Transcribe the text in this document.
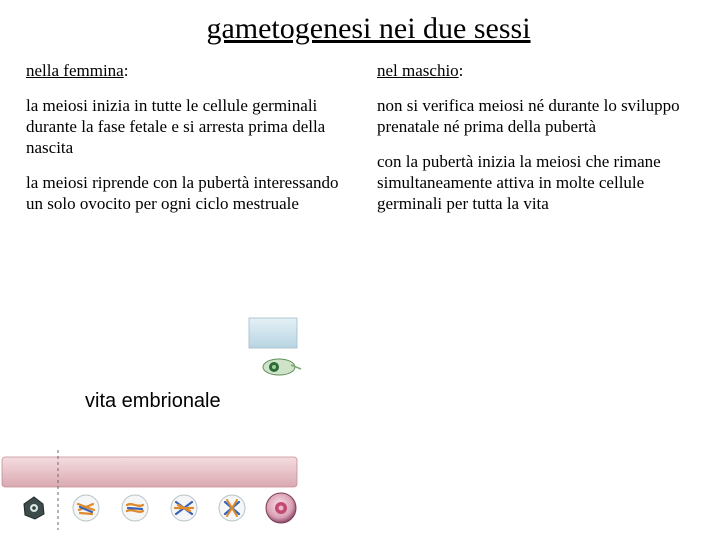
gametogenesi nei due sessi
nella femmina:
la meiosi inizia in tutte le cellule germinali durante la fase fetale e si arresta prima della nascita
la meiosi riprende con la pubertà interessando un solo ovocito per ogni ciclo mestruale
nel maschio:
non si verifica meiosi né durante lo sviluppo prenatale né prima della pubertà
con la pubertà inizia la meiosi che rimane simultaneamente attiva in molte cellule germinali per tutta la vita
vita embrionale
